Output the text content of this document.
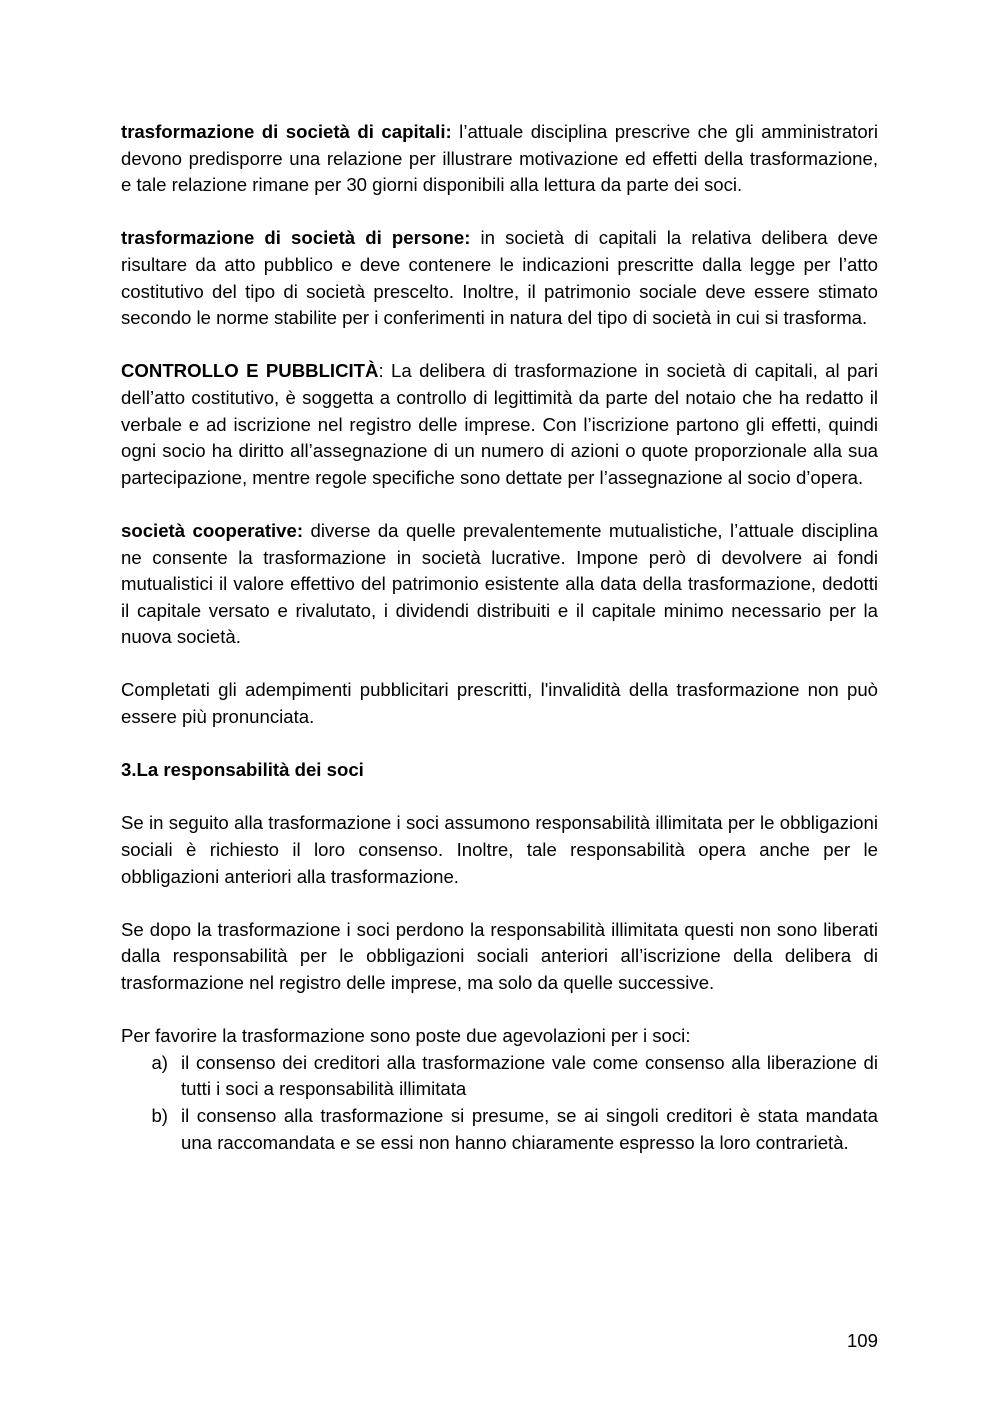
trasformazione di società di capitali: l’attuale disciplina prescrive che gli amministratori devono predisporre una relazione per illustrare motivazione ed effetti della trasformazione, e tale relazione rimane per 30 giorni disponibili alla lettura da parte dei soci.

trasformazione di società di persone: in società di capitali la relativa delibera deve risultare da atto pubblico e deve contenere le indicazioni prescritte dalla legge per l’atto costitutivo del tipo di società prescelto. Inoltre, il patrimonio sociale deve essere stimato secondo le norme stabilite per i conferimenti in natura del tipo di società in cui si trasforma.

CONTROLLO E PUBBLICITÀ: La delibera di trasformazione in società di capitali, al pari dell’atto costitutivo, è soggetta a controllo di legittimità da parte del notaio che ha redatto il verbale e ad iscrizione nel registro delle imprese. Con l’iscrizione partono gli effetti, quindi ogni socio ha diritto all’assegnazione di un numero di azioni o quote proporzionale alla sua partecipazione, mentre regole specifiche sono dettate per l’assegnazione al socio d’opera.

società cooperative: diverse da quelle prevalentemente mutualistiche, l’attuale disciplina ne consente la trasformazione in società lucrative. Impone però di devolvere ai fondi mutualistici il valore effettivo del patrimonio esistente alla data della trasformazione, dedotti il capitale versato e rivalutato, i dividendi distribuiti e il capitale minimo necessario per la nuova società.

Completati gli adempimenti pubblicitari prescritti, l'invalidità della trasformazione non può essere più pronunciata.

3.La responsabilità dei soci

Se in seguito alla trasformazione i soci assumono responsabilità illimitata per le obbligazioni sociali è richiesto il loro consenso. Inoltre, tale responsabilità opera anche per le obbligazioni anteriori alla trasformazione.

Se dopo la trasformazione i soci perdono la responsabilità illimitata questi non sono liberati dalla responsabilità per le obbligazioni sociali anteriori all’iscrizione della delibera di trasformazione nel registro delle imprese, ma solo da quelle successive.

Per favorire la trasformazione sono poste due agevolazioni per i soci:

a) il consenso dei creditori alla trasformazione vale come consenso alla liberazione di tutti i soci a responsabilità illimitata
b) il consenso alla trasformazione si presume, se ai singoli creditori è stata mandata una raccomandata e se essi non hanno chiaramente espresso la loro contrarietà.
109
